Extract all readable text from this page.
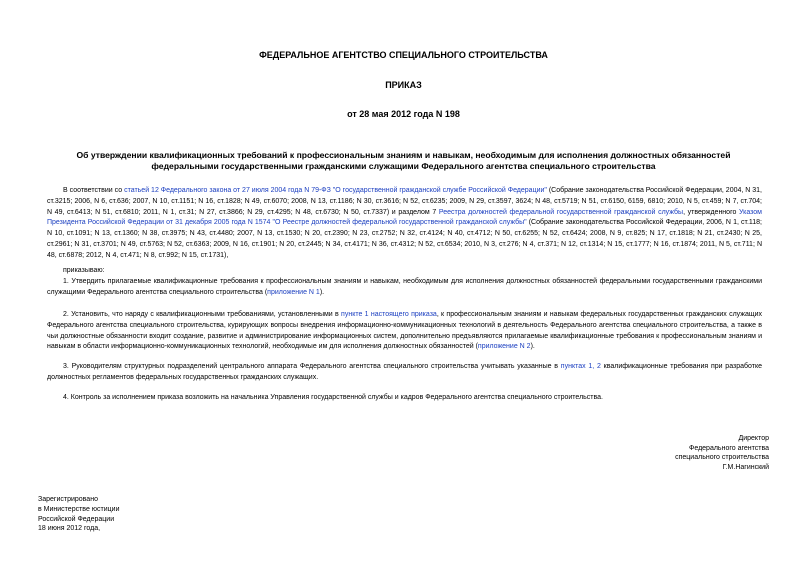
ФЕДЕРАЛЬНОЕ АГЕНТСТВО СПЕЦИАЛЬНОГО СТРОИТЕЛЬСТВА
ПРИКАЗ
от 28 мая 2012 года N 198
Об утверждении квалификационных требований к профессиональным знаниям и навыкам, необходимым для исполнения должностных обязанностей
федеральными государственными гражданскими служащими Федерального агентства специального строительства
В соответствии со статьей 12 Федерального закона от 27 июля 2004 года N 79-ФЗ "О государственной гражданской службе Российской Федерации" (Собрание законодательства Российской Федерации, 2004, N 31, ст.3215; 2006, N 6, ст.636; 2007, N 10, ст.1151; N 16, ст.1828; N 49, ст.6070; 2008, N 13, ст.1186; N 30, ст.3616; N 52, ст.6235; 2009, N 29, ст.3597, 3624; N 48, ст.5719; N 51, ст.6150, 6159, 6810; 2010, N 5, ст.459; N 7, ст.704; N 49, ст.6413; N 51, ст.6810; 2011, N 1, ст.31; N 27, ст.3866; N 29, ст.4295; N 48, ст.6730; N 50, ст.7337) и разделом 7 Реестра должностей федеральной государственной гражданской службы, утвержденного Указом Президента Российской Федерации от 31 декабря 2005 года N 1574 "О Реестре должностей федеральной государственной гражданской службы" (Собрание законодательства Российской Федерации, 2006, N 1, ст.118; N 10, ст.1091; N 13, ст.1360; N 38, ст.3975; N 43, ст.4480; 2007, N 13, ст.1530; N 20, ст.2390; N 23, ст.2752; N 32, ст.4124; N 40, ст.4712; N 50, ст.6255; N 52, ст.6424; 2008, N 9, ст.825; N 17, ст.1818; N 21, ст.2430; N 25, ст.2961; N 31, ст.3701; N 49, ст.5763; N 52, ст.6363; 2009, N 16, ст.1901; N 20, ст.2445; N 34, ст.4171; N 36, ст.4312; N 52, ст.6534; 2010, N 3, ст.276; N 4, ст.371; N 12, ст.1314; N 15, ст.1777; N 16, ст.1874; 2011, N 5, ст.711; N 48, ст.6878; 2012, N 4, ст.471; N 8, ст.992; N 15, ст.1731),
приказываю:
1. Утвердить прилагаемые квалификационные требования к профессиональным знаниям и навыкам, необходимым для исполнения должностных обязанностей федеральными государственными гражданскими служащими Федерального агентства специального строительства (приложение N 1).
2. Установить, что наряду с квалификационными требованиями, установленными в пункте 1 настоящего приказа, к профессиональным знаниям и навыкам федеральных государственных гражданских служащих Федерального агентства специального строительства, курирующих вопросы внедрения информационно-коммуникационных технологий в деятельность Федерального агентства специального строительства, а также в чьи должностные обязанности входит создание, развитие и администрирование информационных систем, дополнительно предъявляются прилагаемые квалификационные требования к профессиональным знаниям и навыкам в области информационно-коммуникационных технологий, необходимые им для исполнения должностных обязанностей (приложение N 2).
3. Руководителям структурных подразделений центрального аппарата Федерального агентства специального строительства учитывать указанные в пунктах 1, 2 квалификационные требования при разработке должностных регламентов федеральных государственных гражданских служащих.
4. Контроль за исполнением приказа возложить на начальника Управления государственной службы и кадров Федерального агентства специального строительства.
Директор
Федерального агентства
специального строительства
Г.М.Нагинский
Зарегистрировано
в Министерстве юстиции
Российской Федерации
18 июня 2012 года,
